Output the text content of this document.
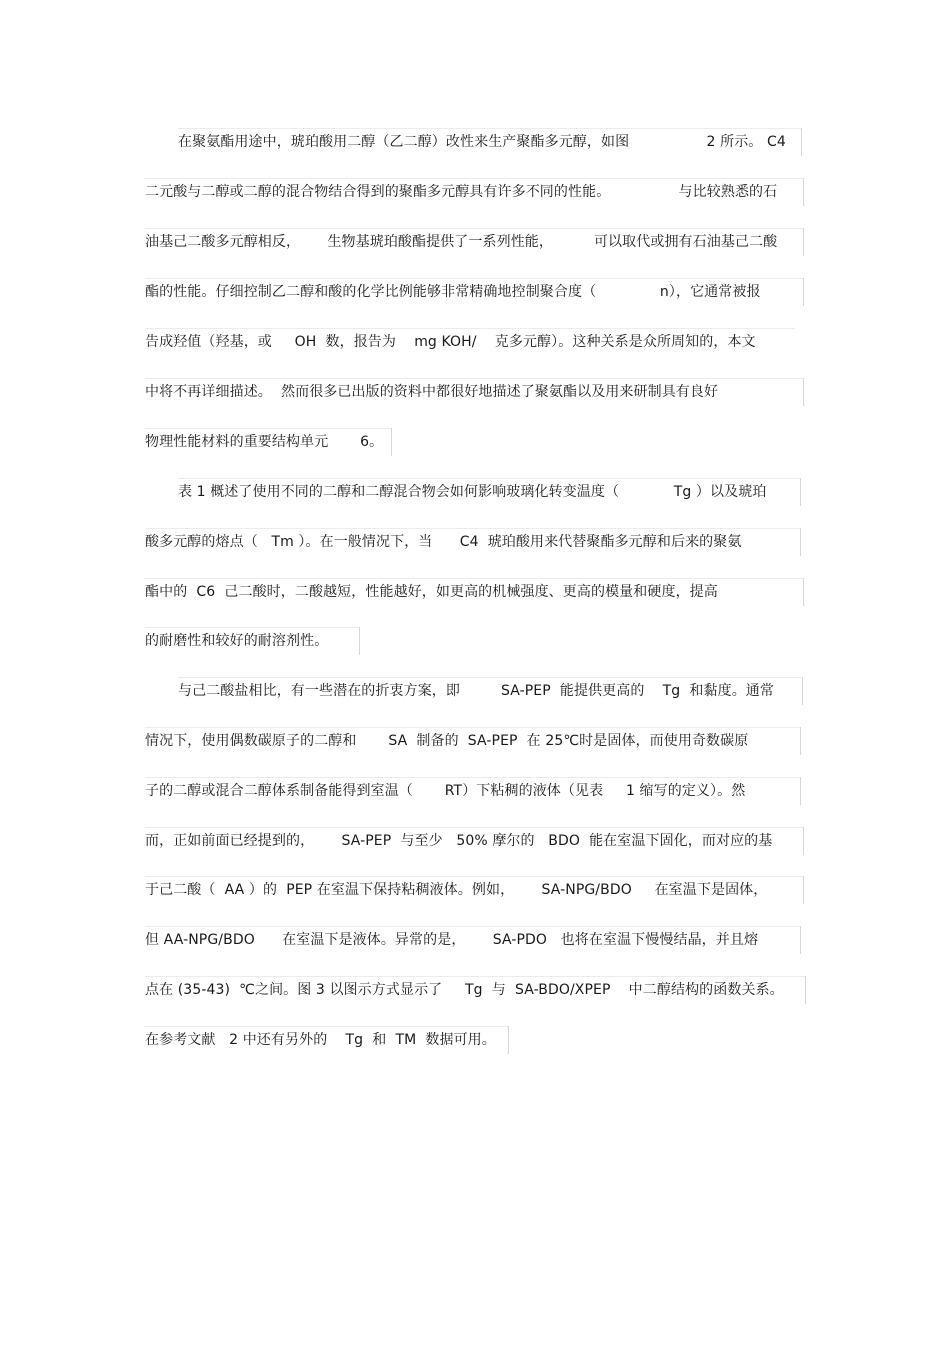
在聚氨酯用途中，琥珀酸用二醇（乙二醇）改性来生产聚酯多元醇，如图                 2 所示。 C4
二元酸与二醇或二醇的混合物结合得到的聚酯多元醇具有许多不同的性能。               与比较熟悉的石
油基己二酸多元醇相反，      生物基琥珀酸酯提供了一系列性能，         可以取代或拥有石油基己二酸
酯的性能。仔细控制乙二醇和酸的化学比例能够非常精确地控制聚合度（              n），它通常被报
告成羟值（羟基，或     OH  数，报告为    mg KOH/    克多元醇）。这种关系是众所周知的，本文
中将不再详细描述。  然而很多已出版的资料中都很好地描述了聚氨酯以及用来研制具有良好
物理性能材料的重要结构单元       6。
表 1 概述了使用不同的二醇和二醇混合物会如何影响玻璃化转变温度（            Tg ）以及琥珀
酸多元醇的熔点（   Tm ）。在一般情况下，当      C4  琥珀酸用来代替聚酯多元醇和后来的聚氨
酯中的  C6  己二酸时，二酸越短，性能越好，如更高的机械强度、更高的模量和硬度，提高
的耐磨性和较好的耐溶剂性。
与己二酸盐相比，有一些潜在的折衷方案，即         SA-PEP  能提供更高的    Tg  和黏度。通常
情况下，使用偶数碳原子的二醇和       SA  制备的  SA-PEP  在 25℃时是固体，而使用奇数碳原
子的二醇或混合二醇体系制备能得到室温（       RT）下粘稠的液体（见表     1 缩写的定义）。然
而，正如前面已经提到的，      SA-PEP  与至少   50% 摩尔的   BDO  能在室温下固化，而对应的基
于己二酸（  AA ）的  PEP 在室温下保持粘稠液体。例如，      SA-NPG/BDO     在室温下是固体，
但 AA-NPG/BDO      在室温下是液体。异常的是，      SA-PDO   也将在室温下慢慢结晶，并且熔
点在 (35-43)  ℃之间。图 3 以图示方式显示了     Tg  与  SA-BDO/XPEP    中二醇结构的函数关系。
在参考文献   2 中还有另外的    Tg  和  TM  数据可用。
